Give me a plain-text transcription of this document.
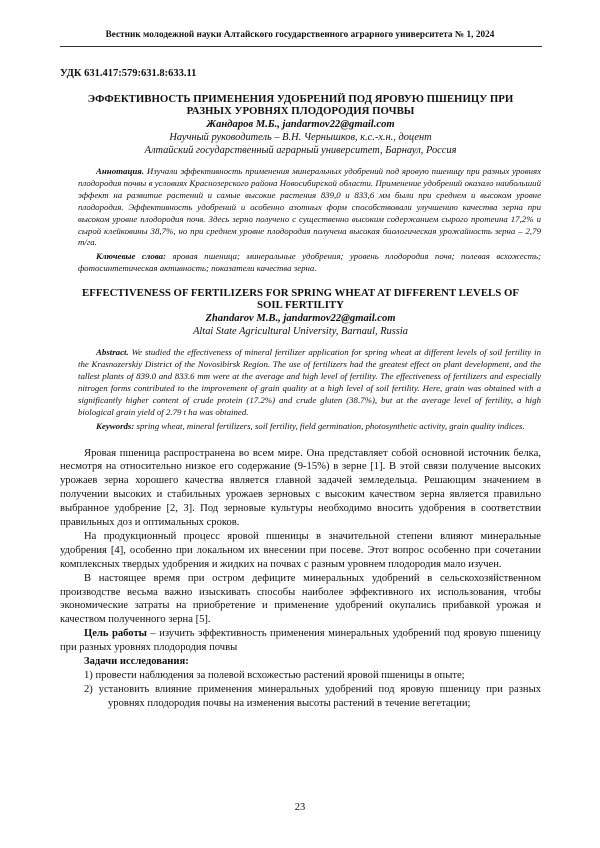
Вестник молодежной науки Алтайского государственного аграрного университета № 1, 2024

УДК 631.417:579:631.8:633.11

ЭФФЕКТИВНОСТЬ ПРИМЕНЕНИЯ УДОБРЕНИЙ ПОД ЯРОВУЮ ПШЕНИЦУ ПРИ РАЗНЫХ УРОВНЯХ ПЛОДОРОДИЯ ПОЧВЫ

Жандаров М.Б., jandarmov22@gmail.com

Научный руководитель – В.Н. Чернышков, к.с.-х.н., доцент

Алтайский государственный аграрный университет, Барнаул, Россия

Аннотация. Изучали эффективность применения минеральных удобрений под яровую пшеницу при разных уровнях плодородия почвы в условиях Краснозерского района Новосибирской области. Применение удобрений оказало наибольший эффект на развитие растений и самые высокие растения 839,0 и 833,6 мм были при среднем и высоком уровне плодородия. Эффективность удобрений и особенно азотных форм способствовали улучшению качества зерна при высоком уровне плодородия почв. Здесь зерно получено с существенно высоким содержанием сырого протеина 17,2% и сырой клейковины 38,7%, но при среднем уровне плодородия получена высокая биологическая урожайность зерна – 2,79 т/га.

Ключевые слова: яровая пшеница; минеральные удобрения; уровень плодородия почв; полевая всхожесть; фотосинтетическая активность; показатели качества зерна.

EFFECTIVENESS OF FERTILIZERS FOR SPRING WHEAT AT DIFFERENT LEVELS OF SOIL FERTILITY

Zhandarov M.B., jandarmov22@gmail.com

Altai State Agricultural University, Barnaul, Russia

Abstract. We studied the effectiveness of mineral fertilizer application for spring wheat at different levels of soil fertility in the Krasnozerskiy District of the Novosibirsk Region. The use of fertilizers had the greatest effect on plant development, and the tallest plants of 839.0 and 833.6 mm were at the average and high level of fertility. The effectiveness of fertilizers and especially nitrogen forms contributed to the improvement of grain quality at a high level of soil fertility. Here, grain was obtained with a significantly higher content of crude protein (17.2%) and crude gluten (38.7%), but at the average level of fertility, a high biological grain yield of 2.79 t ha was obtained.

Keywords: spring wheat, mineral fertilizers, soil fertility, field germination, photosynthetic activity, grain quality indices.

Яровая пшеница распространена во всем мире. Она представляет собой основной источник белка, несмотря на относительно низкое его содержание (9-15%) в зерне [1]. В этой связи получение высоких урожаев зерна хорошего качества является главной задачей земледельца. Решающим значением в получении высоких и стабильных урожаев зерновых с высоким качеством зерна является правильно выбранное удобрение [2, 3]. Под зерновые культуры необходимо вносить удобрения в соответствии правильных доз и оптимальных сроков.

На продукционный процесс яровой пшеницы в значительной степени влияют минеральные удобрения [4], особенно при локальном их внесении при посеве. Этот вопрос особенно при сочетании комплексных твердых удобрения и жидких на почвах с разным уровнем плодородия мало изучен.

В настоящее время при остром дефиците минеральных удобрений в сельскохозяйственном производстве весьма важно изыскивать способы наиболее эффективного их использования, чтобы экономические затраты на приобретение и применение удобрений окупались прибавкой урожая и качеством полученного зерна [5].

Цель работы – изучить эффективность применения минеральных удобрений под яровую пшеницу при разных уровнях плодородия почвы

Задачи исследования:

1) провести наблюдения за полевой всхожестью растений яровой пшеницы в опыте;

2) установить влияние применения минеральных удобрений под яровую пшеницу при разных уровнях плодородия почвы на изменения высоты растений в течение вегетации;

23
